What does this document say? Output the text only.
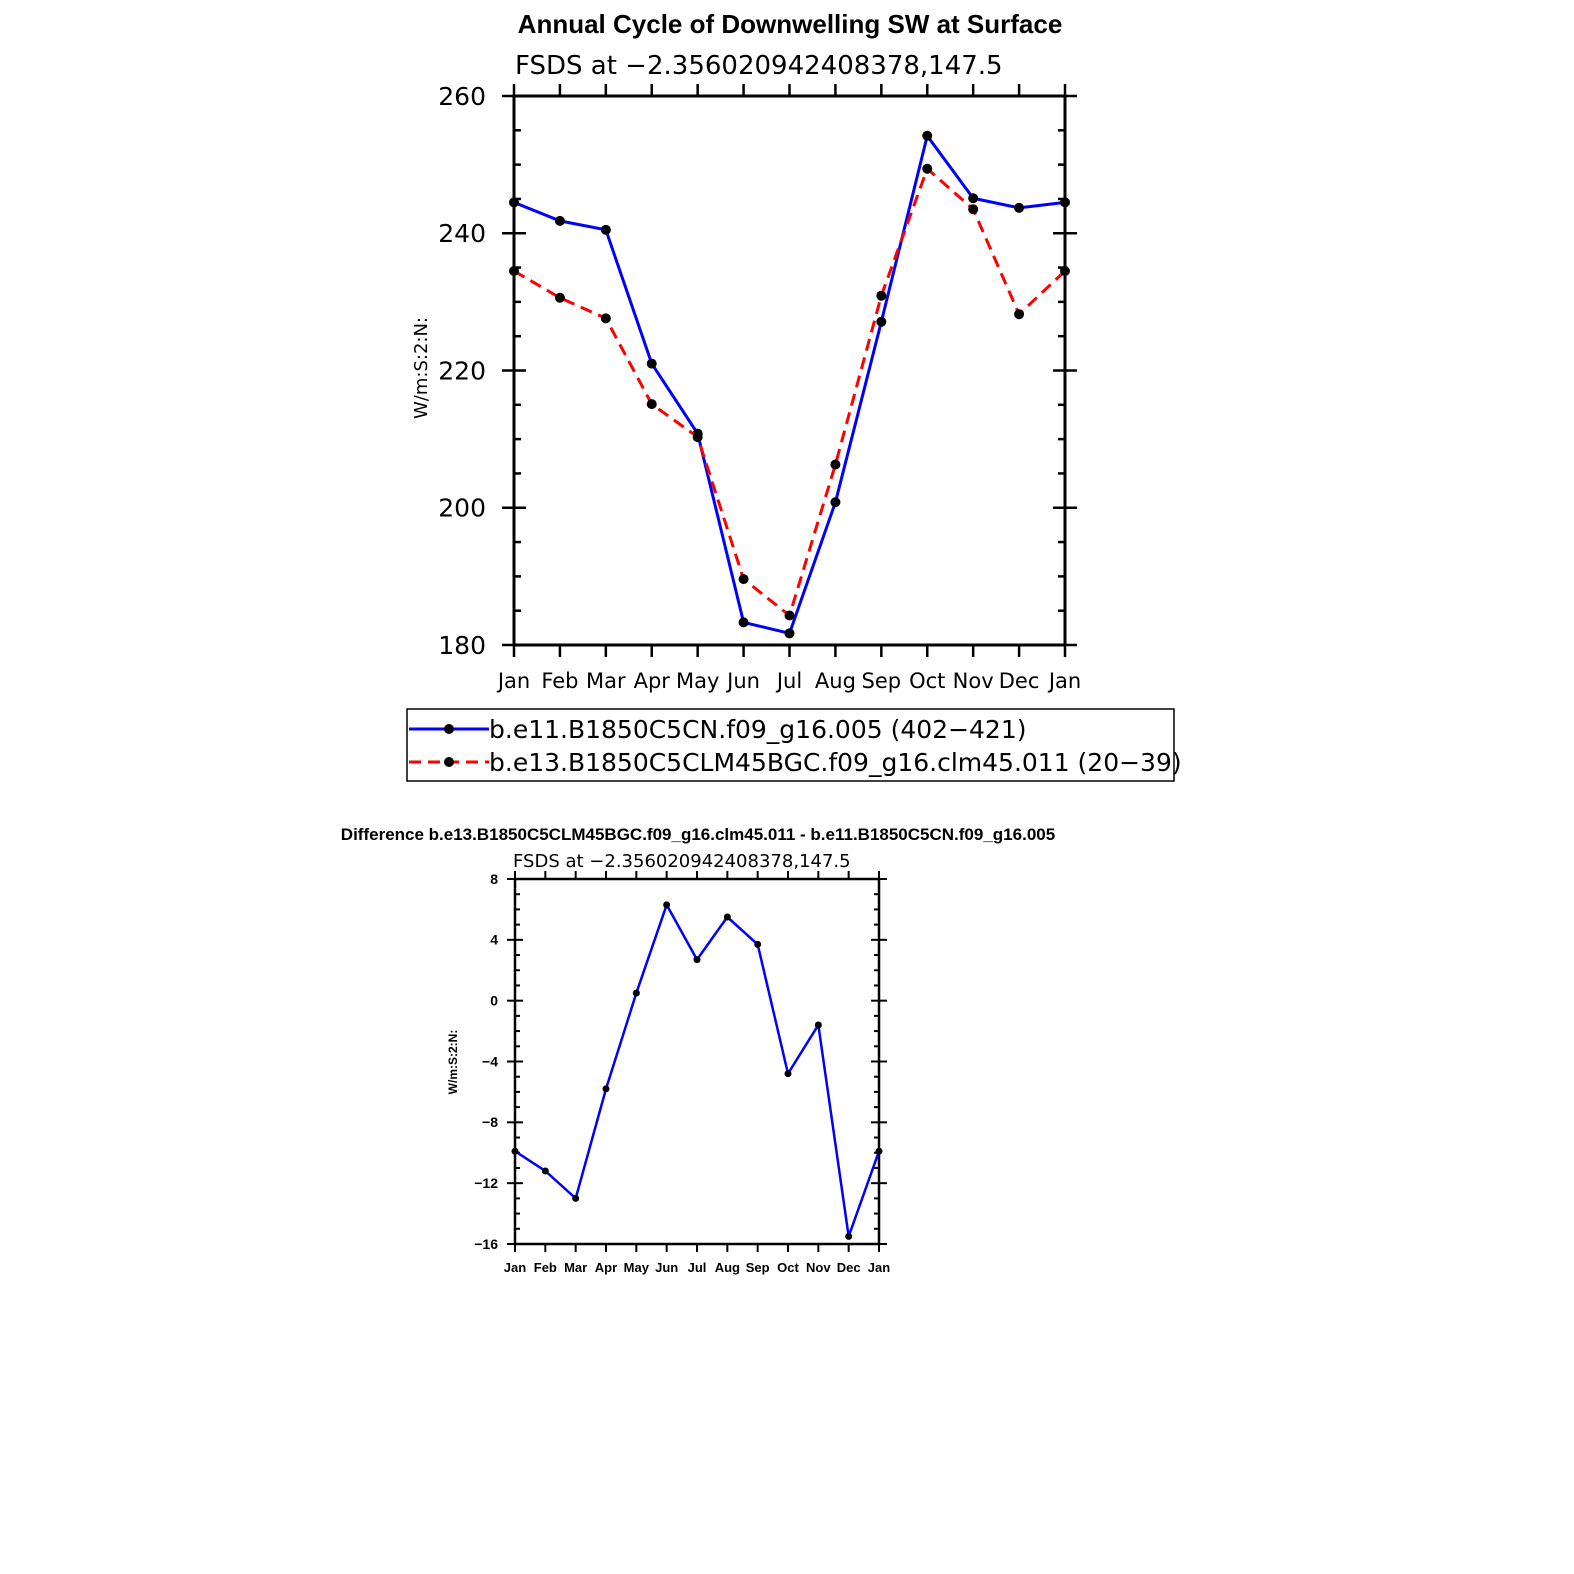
Annual Cycle of Downwelling SW at Surface
FSDS at −2.356020942408378,147.5
W/m:S:2:N:
180
200
220
240
260
Jan Feb Mar Apr May Jun Jul Aug Sep Oct Nov Dec Jan
b.e11.B1850C5CN.f09_g16.005 (402−421)
b.e13.B1850C5CLM45BGC.f09_g16.clm45.011 (20−39)
Difference b.e13.B1850C5CLM45BGC.f09_g16.clm45.011 - b.e11.B1850C5CN.f09_g16.005
FSDS at −2.356020942408378,147.5
W/m:S:2:N:
−16
−12
−8
−4
0
4
8
Jan Feb Mar Apr May Jun Jul Aug Sep Oct Nov Dec Jan
